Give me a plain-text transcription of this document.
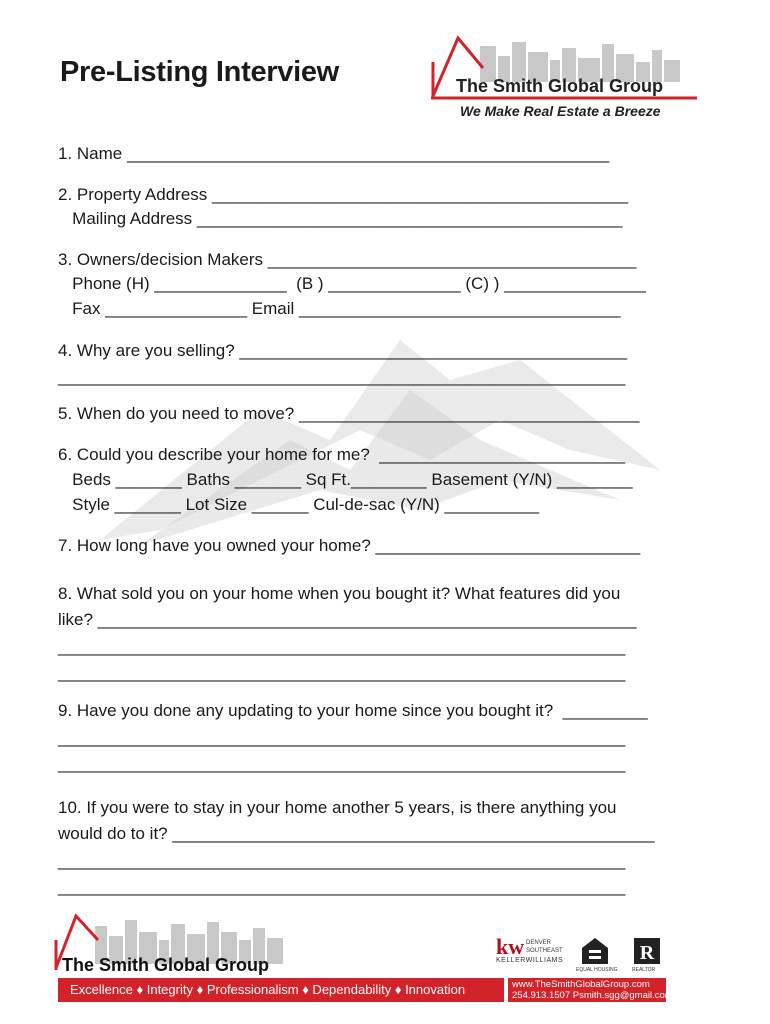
Pre-Listing Interview	The Smith Global Group
We Make Real Estate a Breeze
1. Name ___________________________________________________
2. Property Address ____________________________________________
Mailing Address _____________________________________________
3. Owners/decision Makers _______________________________________
Phone (H) ______________  (B ) ______________ (C) ) _______________
Fax _______________ Email __________________________________
4. Why are you selling? _________________________________________
____________________________________________________________
5. When do you need to move? ____________________________________
6. Could you describe your home for me?  __________________________
Beds _______ Baths _______ Sq Ft.________ Basement (Y/N) ________
Style _______ Lot Size ______ Cul-de-sac (Y/N) __________
7. How long have you owned your home? ____________________________
8. What sold you on your home when you bought it? What features did you
like? _________________________________________________________
____________________________________________________________
____________________________________________________________
9. Have you done any updating to your home since you bought it?  _________
____________________________________________________________
____________________________________________________________
10. If you were to stay in your home another 5 years, is there anything you
would do to it? ___________________________________________________
____________________________________________________________
____________________________________________________________
The Smith Global Group
Excellence ♦ Integrity ♦ Professionalism ♦ Dependability ♦ Innovation
kw DENVER
SOUTHEAST
KELLERWILLIAMS
EQUAL HOUSING
R
REALTOR
www.TheSmithGlobalGroup.com
254.913.1507 Psmith.sgg@gmail.com
